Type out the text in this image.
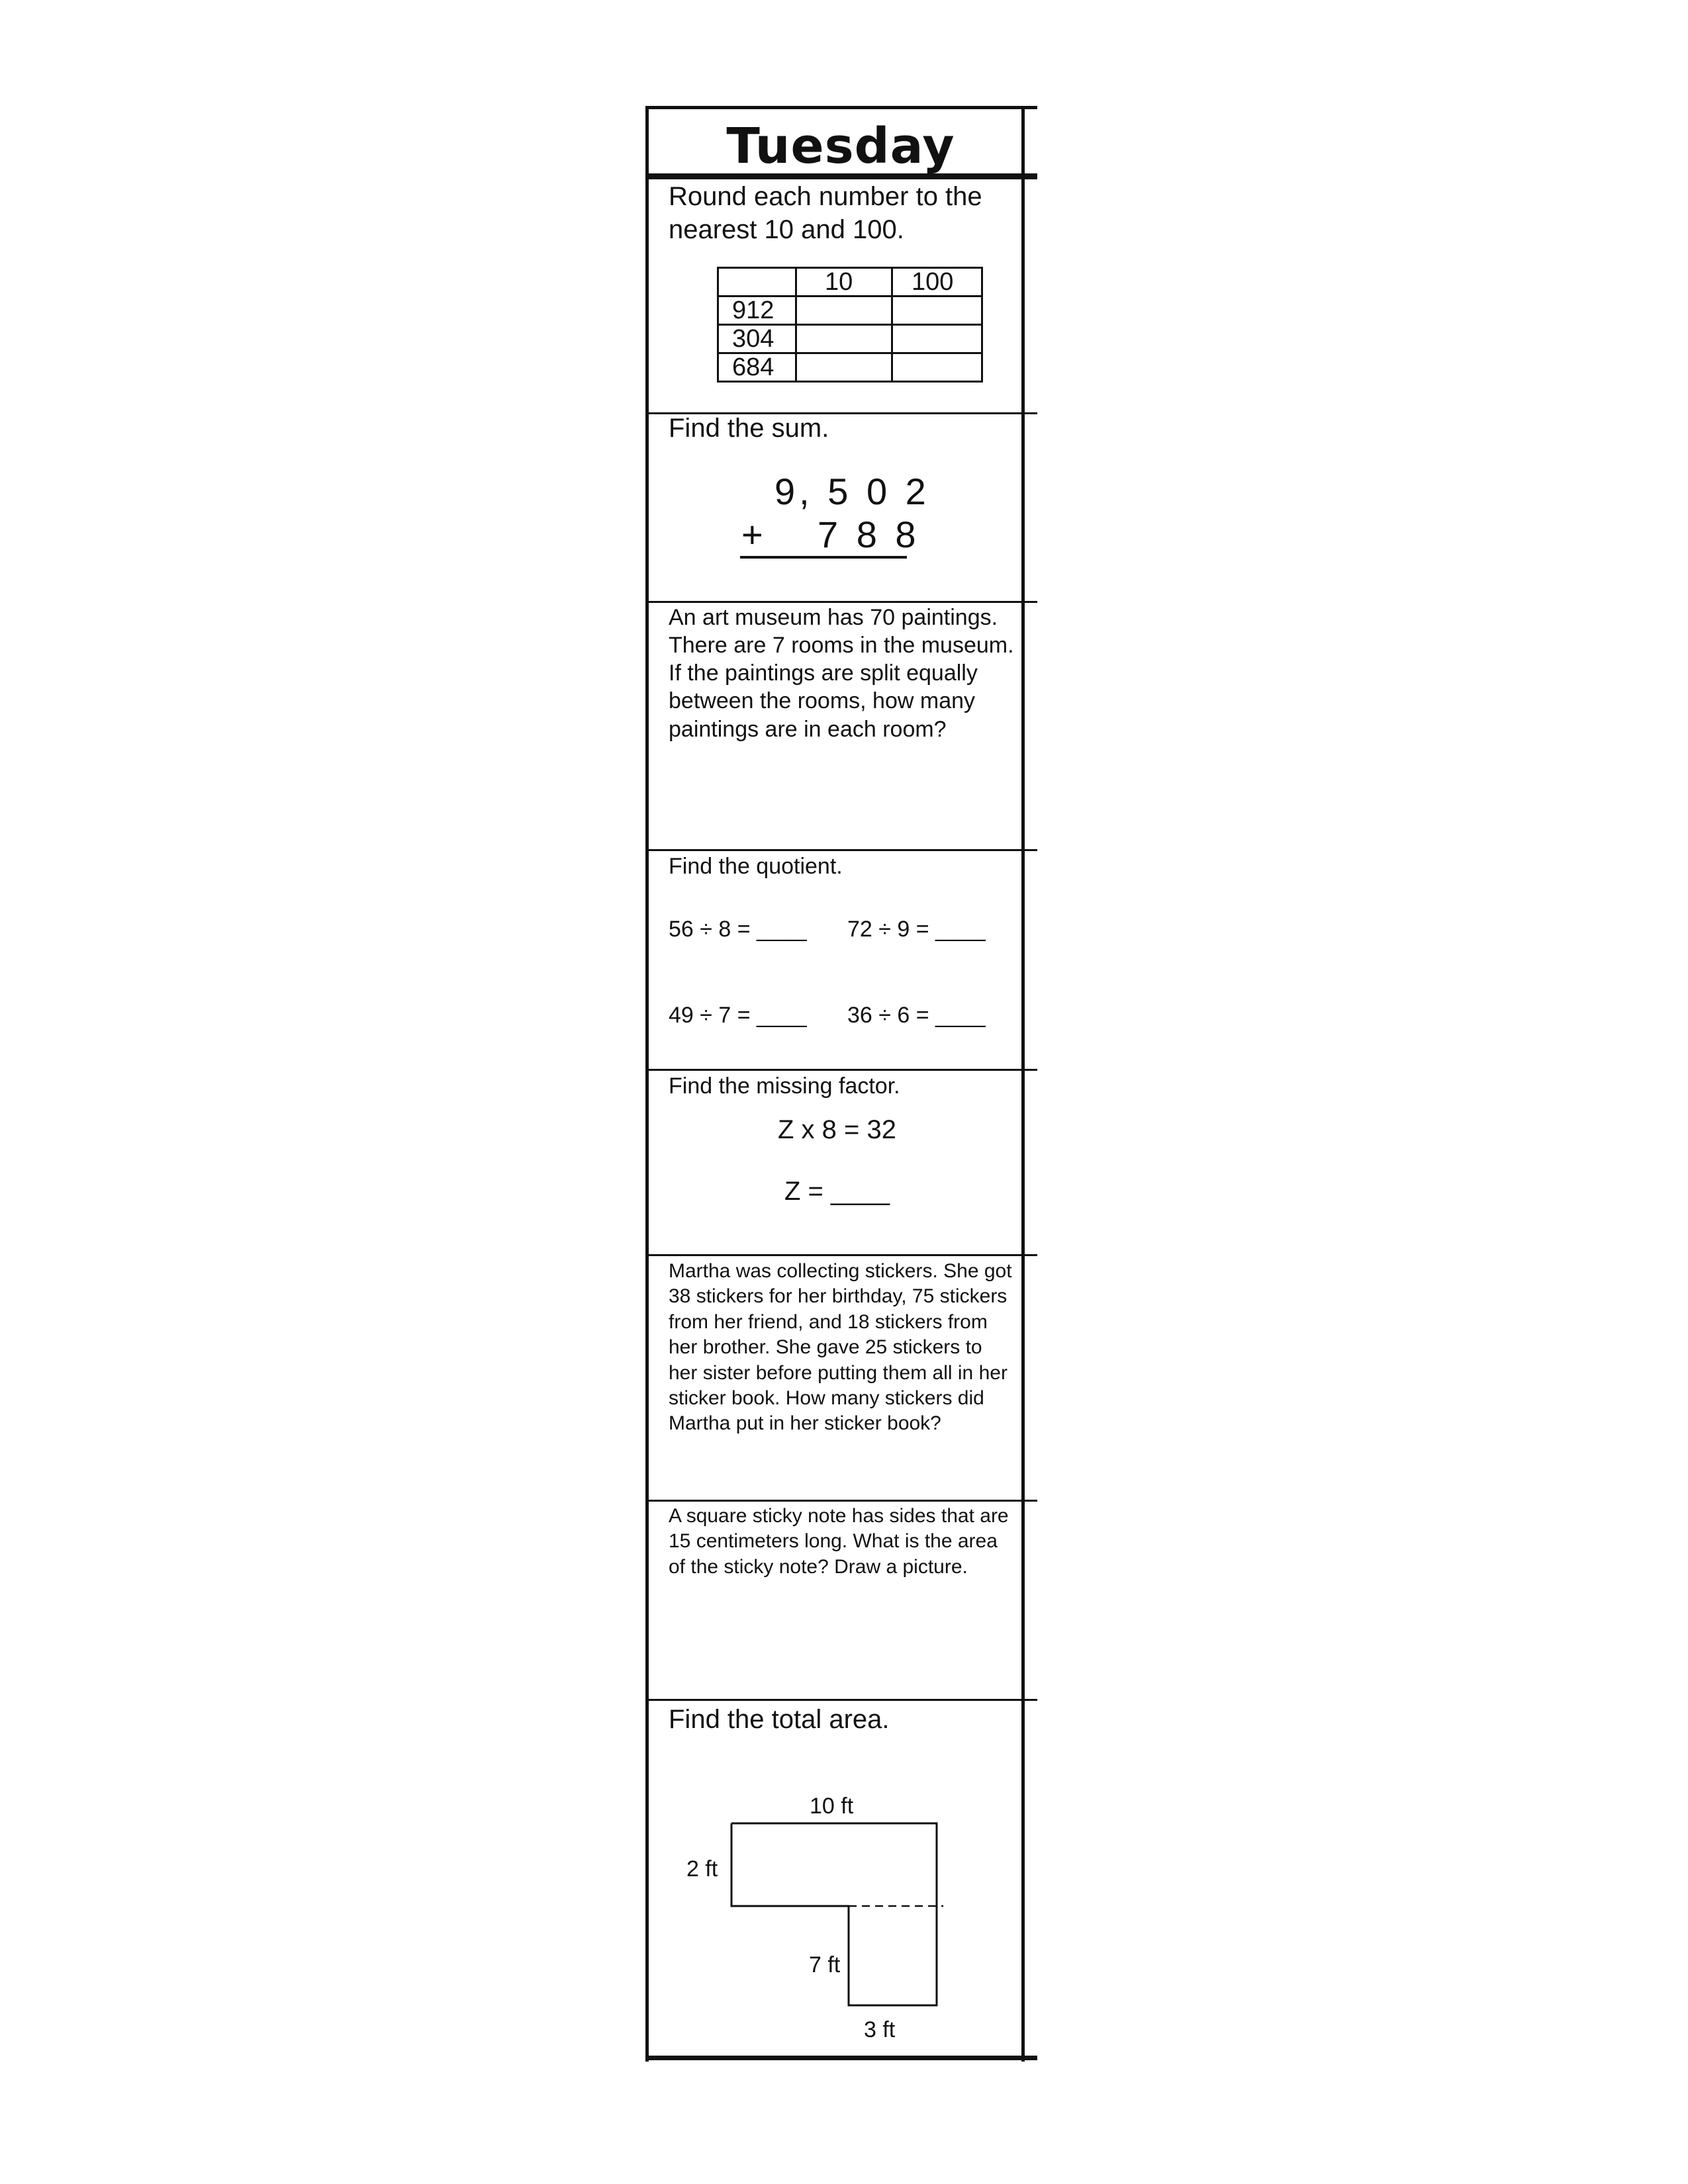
Tuesday
Round each number to the nearest 10 and 100.
	10	100
912		
304		
684		
Find the sum.
9, 5 0 2
+ 7 8 8
An art museum has 70 paintings. There are 7 rooms in the museum. If the paintings are split equally between the rooms, how many paintings are in each room?
Find the quotient.
56 ÷ 8 = ____ 72 ÷ 9 = ____
49 ÷ 7 = ____ 36 ÷ 6 = ____
Find the missing factor.
Z x 8 = 32
Z = ____
Martha was collecting stickers. She got 38 stickers for her birthday, 75 stickers from her friend, and 18 stickers from her brother. She gave 25 stickers to her sister before putting them all in her sticker book. How many stickers did Martha put in her sticker book?
A square sticky note has sides that are 15 centimeters long. What is the area of the sticky note? Draw a picture.
Find the total area.
10 ft
2 ft
7 ft
3 ft
